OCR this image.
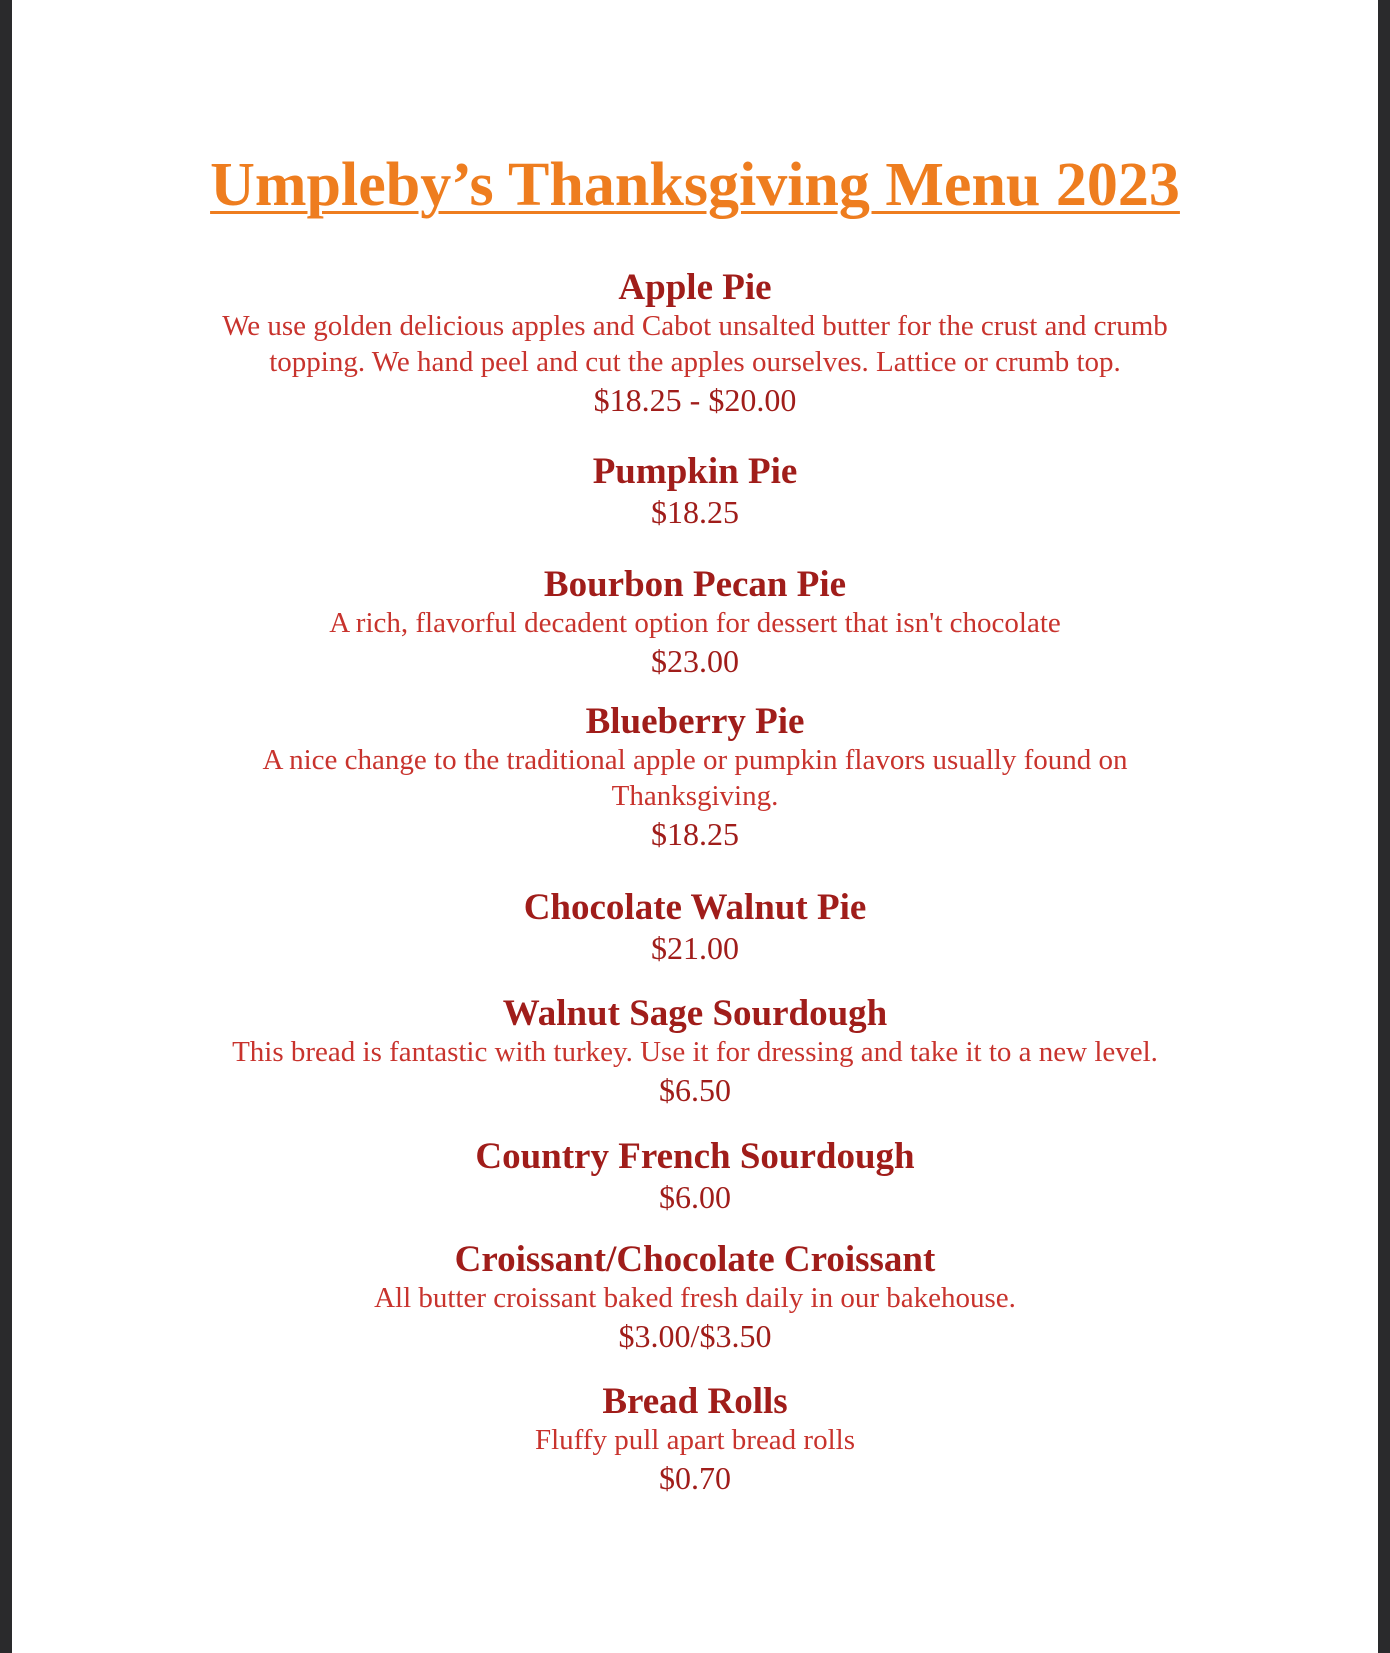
Umpleby’s Thanksgiving Menu 2023

Apple Pie

We use golden delicious apples and Cabot unsalted butter for the crust and crumb topping. We hand peel and cut the apples ourselves. Lattice or crumb top.

$18.25 - $20.00

Pumpkin Pie

$18.25

Bourbon Pecan Pie

A rich, flavorful decadent option for dessert that isn't chocolate

$23.00

Blueberry Pie

A nice change to the traditional apple or pumpkin flavors usually found on Thanksgiving.

$18.25

Chocolate Walnut Pie

$21.00

Walnut Sage Sourdough

This bread is fantastic with turkey. Use it for dressing and take it to a new level.

$6.50

Country French Sourdough

$6.00

Croissant/Chocolate Croissant

All butter croissant baked fresh daily in our bakehouse.

$3.00/$3.50

Bread Rolls

Fluffy pull apart bread rolls

$0.70
